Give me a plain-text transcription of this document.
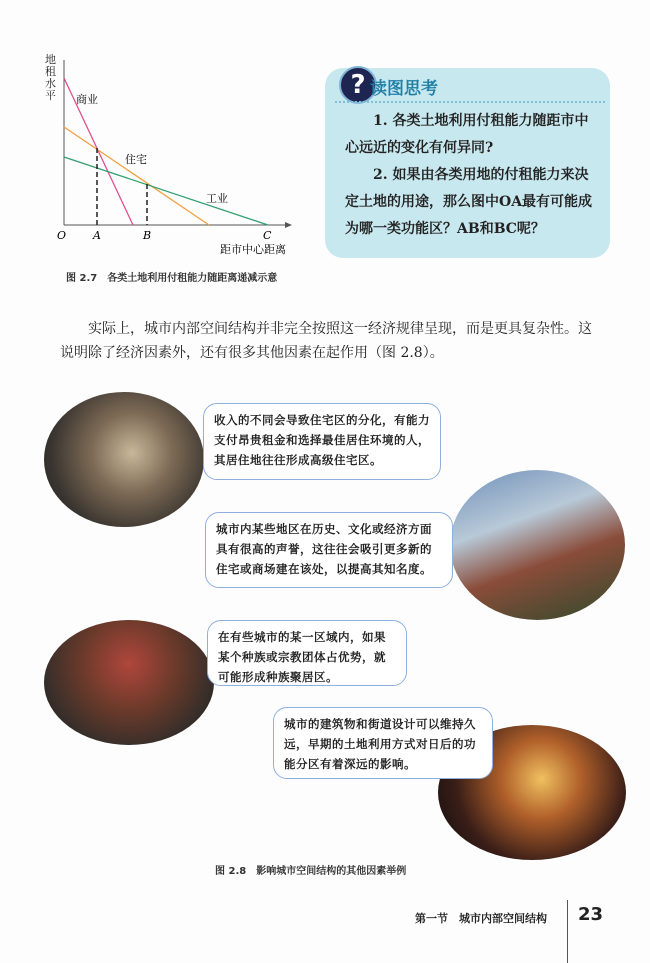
商业
住宅
工业
O A	B	C
距市中心距离
地租水平
图 2.7　各类土地利用付租能力随距离递减示意
? 读图思考

1. 各类土地利用付租能力随距市中心远近的变化有何异同?

2. 如果由各类用地的付租能力来决定土地的用途，那么图中OA最有可能成为哪一类功能区？AB和BC呢？

实际上，城市内部空间结构并非完全按照这一经济规律呈现，而是更具复杂性。这说明除了经济因素外，还有很多其他因素在起作用（图 2.8）。
收入的不同会导致住宅区的分化，有能力支付昂贵租金和选择最佳居住环境的人，其居住地往往形成高级住宅区。
城市内某些地区在历史、文化或经济方面具有很高的声誉，这往往会吸引更多新的住宅或商场建在该处，以提高其知名度。
在有些城市的某一区域内，如果某个种族或宗教团体占优势，就可能形成种族聚居区。
城市的建筑物和街道设计可以维持久远，早期的土地利用方式对日后的功能分区有着深远的影响。
图 2.8　影响城市空间结构的其他因素举例
第一节　城市内部空间结构 23
